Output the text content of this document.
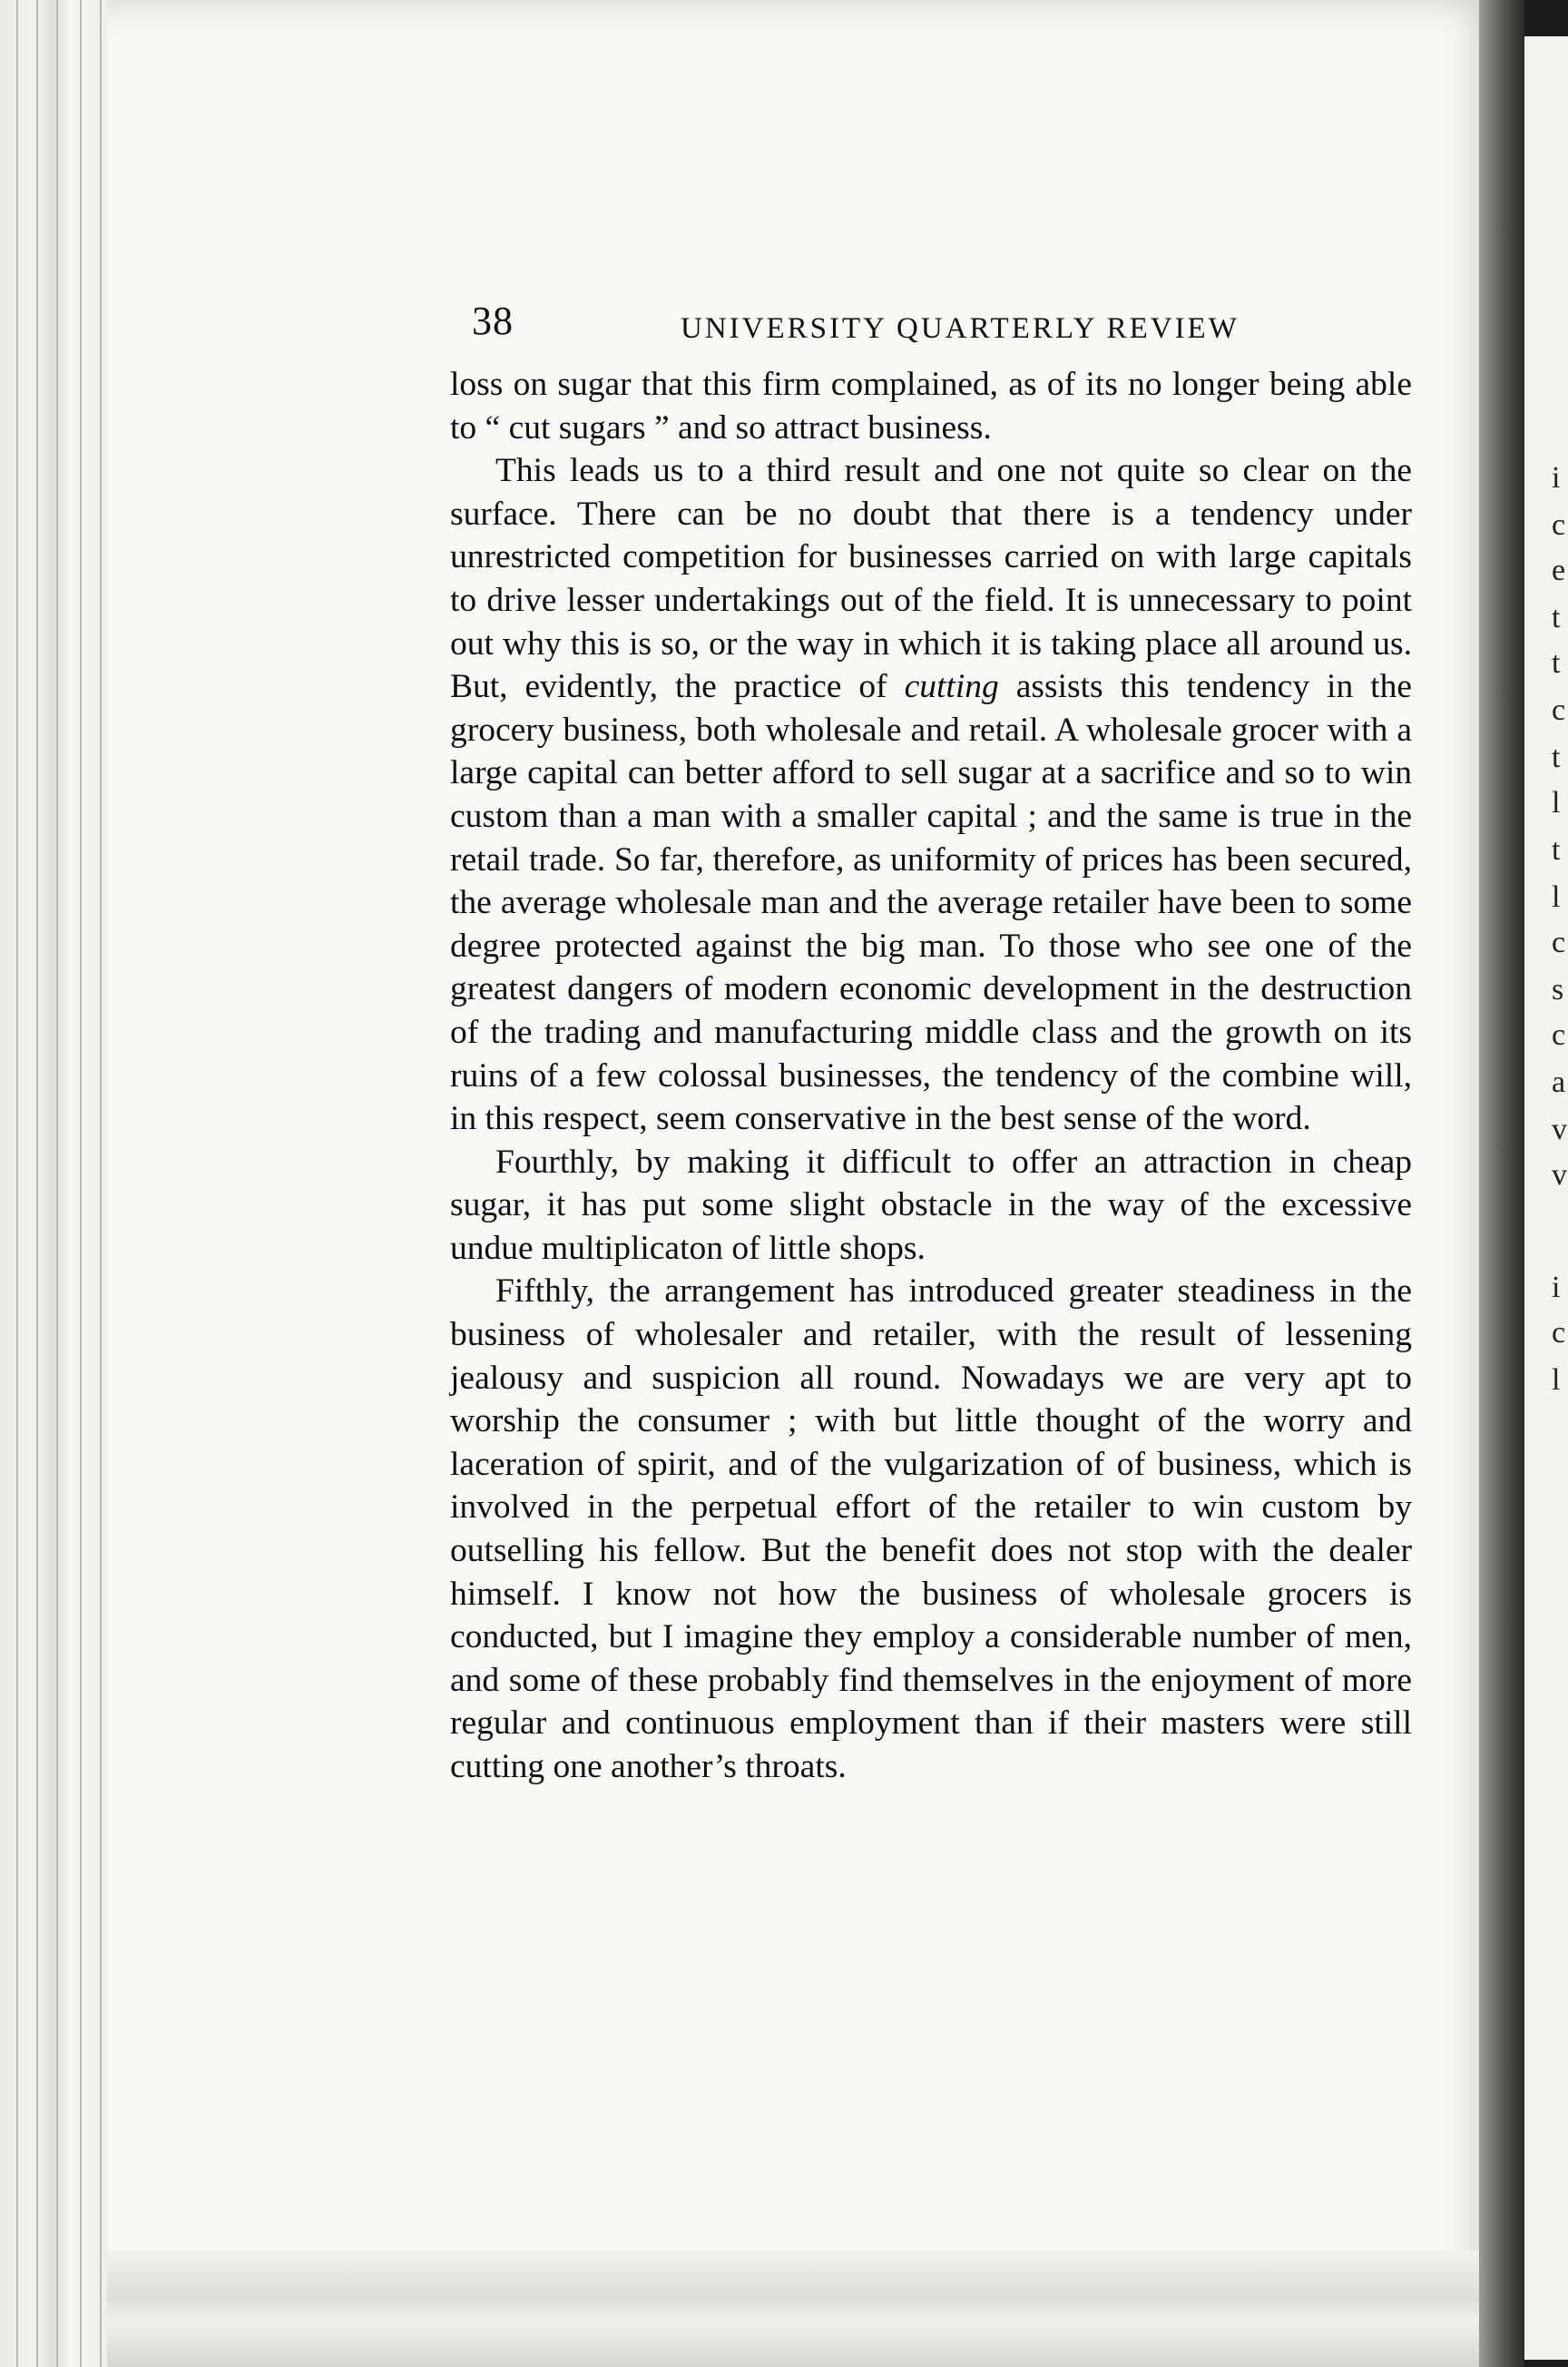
i
c
e
t
t
c
t
l
t
l
c
s
c
a
v
v
i
c
l
38	UNIVERSITY QUARTERLY REVIEW

loss on sugar that this firm complained, as of its no longer being able to “ cut sugars ” and so attract business.

This leads us to a third result and one not quite so clear on the surface. There can be no doubt that there is a tendency under unrestricted competition for businesses carried on with large capitals to drive lesser undertakings out of the field. It is unnecessary to point out why this is so, or the way in which it is taking place all around us. But, evidently, the practice of cutting assists this tendency in the grocery business, both wholesale and retail. A wholesale grocer with a large capital can better afford to sell sugar at a sacrifice and so to win custom than a man with a smaller capital ; and the same is true in the retail trade. So far, therefore, as uniformity of prices has been secured, the average wholesale man and the average retailer have been to some degree protected against the big man. To those who see one of the greatest dangers of modern economic development in the destruction of the trading and manufacturing middle class and the growth on its ruins of a few colossal businesses, the tendency of the combine will, in this respect, seem conservative in the best sense of the word.

Fourthly, by making it difficult to offer an attraction in cheap sugar, it has put some slight obstacle in the way of the excessive undue multiplicaton of little shops.

Fifthly, the arrangement has introduced greater steadiness in the business of wholesaler and retailer, with the result of lessening jealousy and suspicion all round. Nowadays we are very apt to worship the consumer ; with but little thought of the worry and laceration of spirit, and of the vulgarization of of business, which is involved in the perpetual effort of the retailer to win custom by outselling his fellow. But the benefit does not stop with the dealer himself. I know not how the business of wholesale grocers is conducted, but I imagine they employ a considerable number of men, and some of these probably find themselves in the enjoyment of more regular and continuous employment than if their masters were still cutting one another’s throats.
